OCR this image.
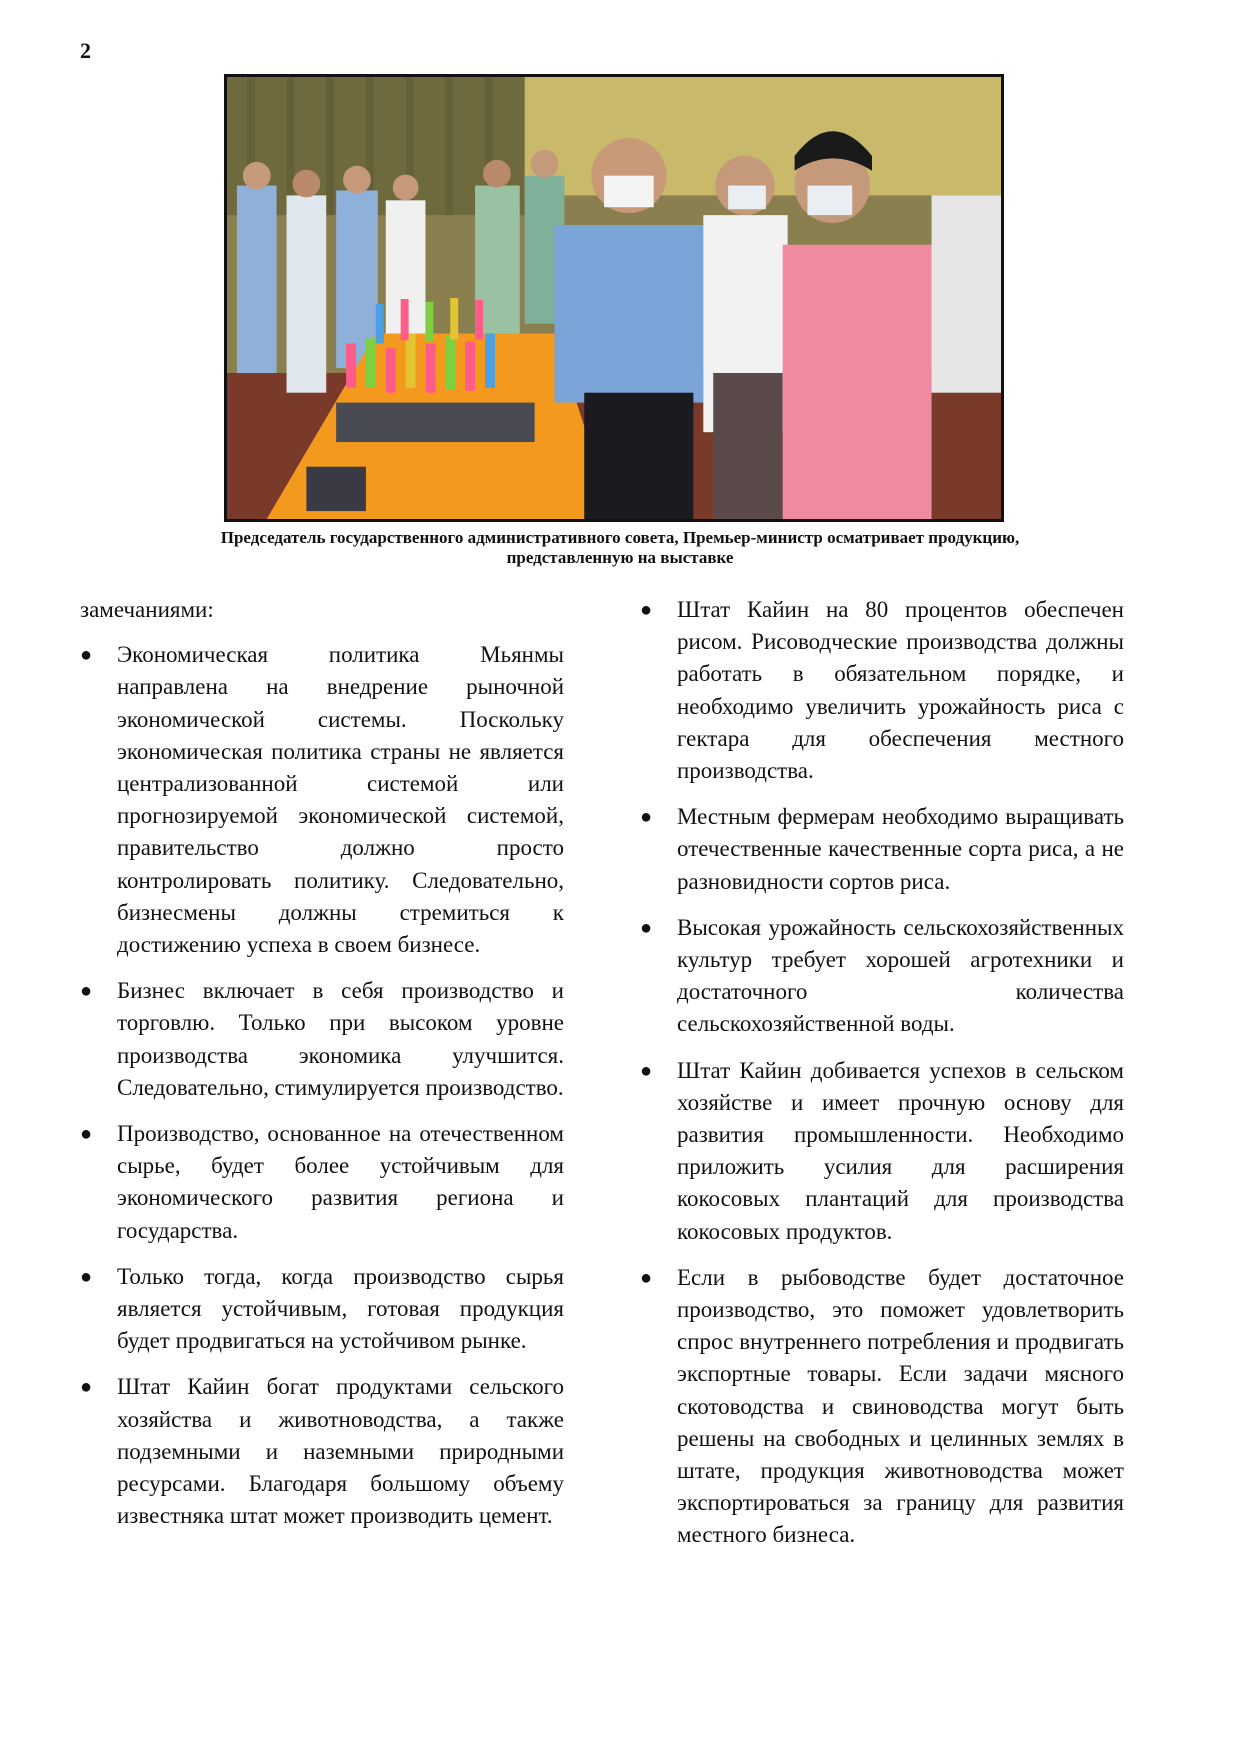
2
Председатель государственного административного совета, Премьер-министр осматривает продукцию,
представленную на выставке

замечаниями:

●	Экономическая политика Мьянмы направлена на внедрение рыночной экономической системы. Поскольку экономическая политика страны не является централизованной системой или прогнозируемой экономической системой, правительство должно просто контролировать политику. Следовательно, бизнесмены должны стремиться к достижению успеха в своем бизнесе.
●	Бизнес включает в себя производство и торговлю. Только при высоком уровне производства экономика улучшится. Следовательно, стимулируется производство.
●	Производство, основанное на отечественном сырье, будет более устойчивым для экономического развития региона и государства.
●	Только тогда, когда производство сырья является устойчивым, готовая продукция будет продвигаться на устойчивом рынке.
●	Штат Кайин богат продуктами сельского хозяйства и животноводства, а также подземными и наземными природными ресурсами. Благодаря большому объему известняка штат может производить цемент.
●	Штат Кайин на 80 процентов обеспечен рисом. Рисоводческие производства должны работать в обязательном порядке, и необходимо увеличить урожайность риса с гектара для обеспечения местного производства.
●	Местным фермерам необходимо выращивать отечественные качественные сорта риса, а не разновидности сортов риса.
●	Высокая урожайность сельскохозяйственных культур требует хорошей агротехники и достаточного количества сельскохозяйственной воды.
●	Штат Кайин добивается успехов в сельском хозяйстве и имеет прочную основу для развития промышленности. Необходимо приложить усилия для расширения кокосовых плантаций для производства кокосовых продуктов.
●	Если в рыбоводстве будет достаточное производство, это поможет удовлетворить спрос внутреннего потребления и продвигать экспортные товары. Если задачи мясного скотоводства и свиноводства могут быть решены на свободных и целинных землях в штате, продукция животноводства может экспортироваться за границу для развития местного бизнеса.
